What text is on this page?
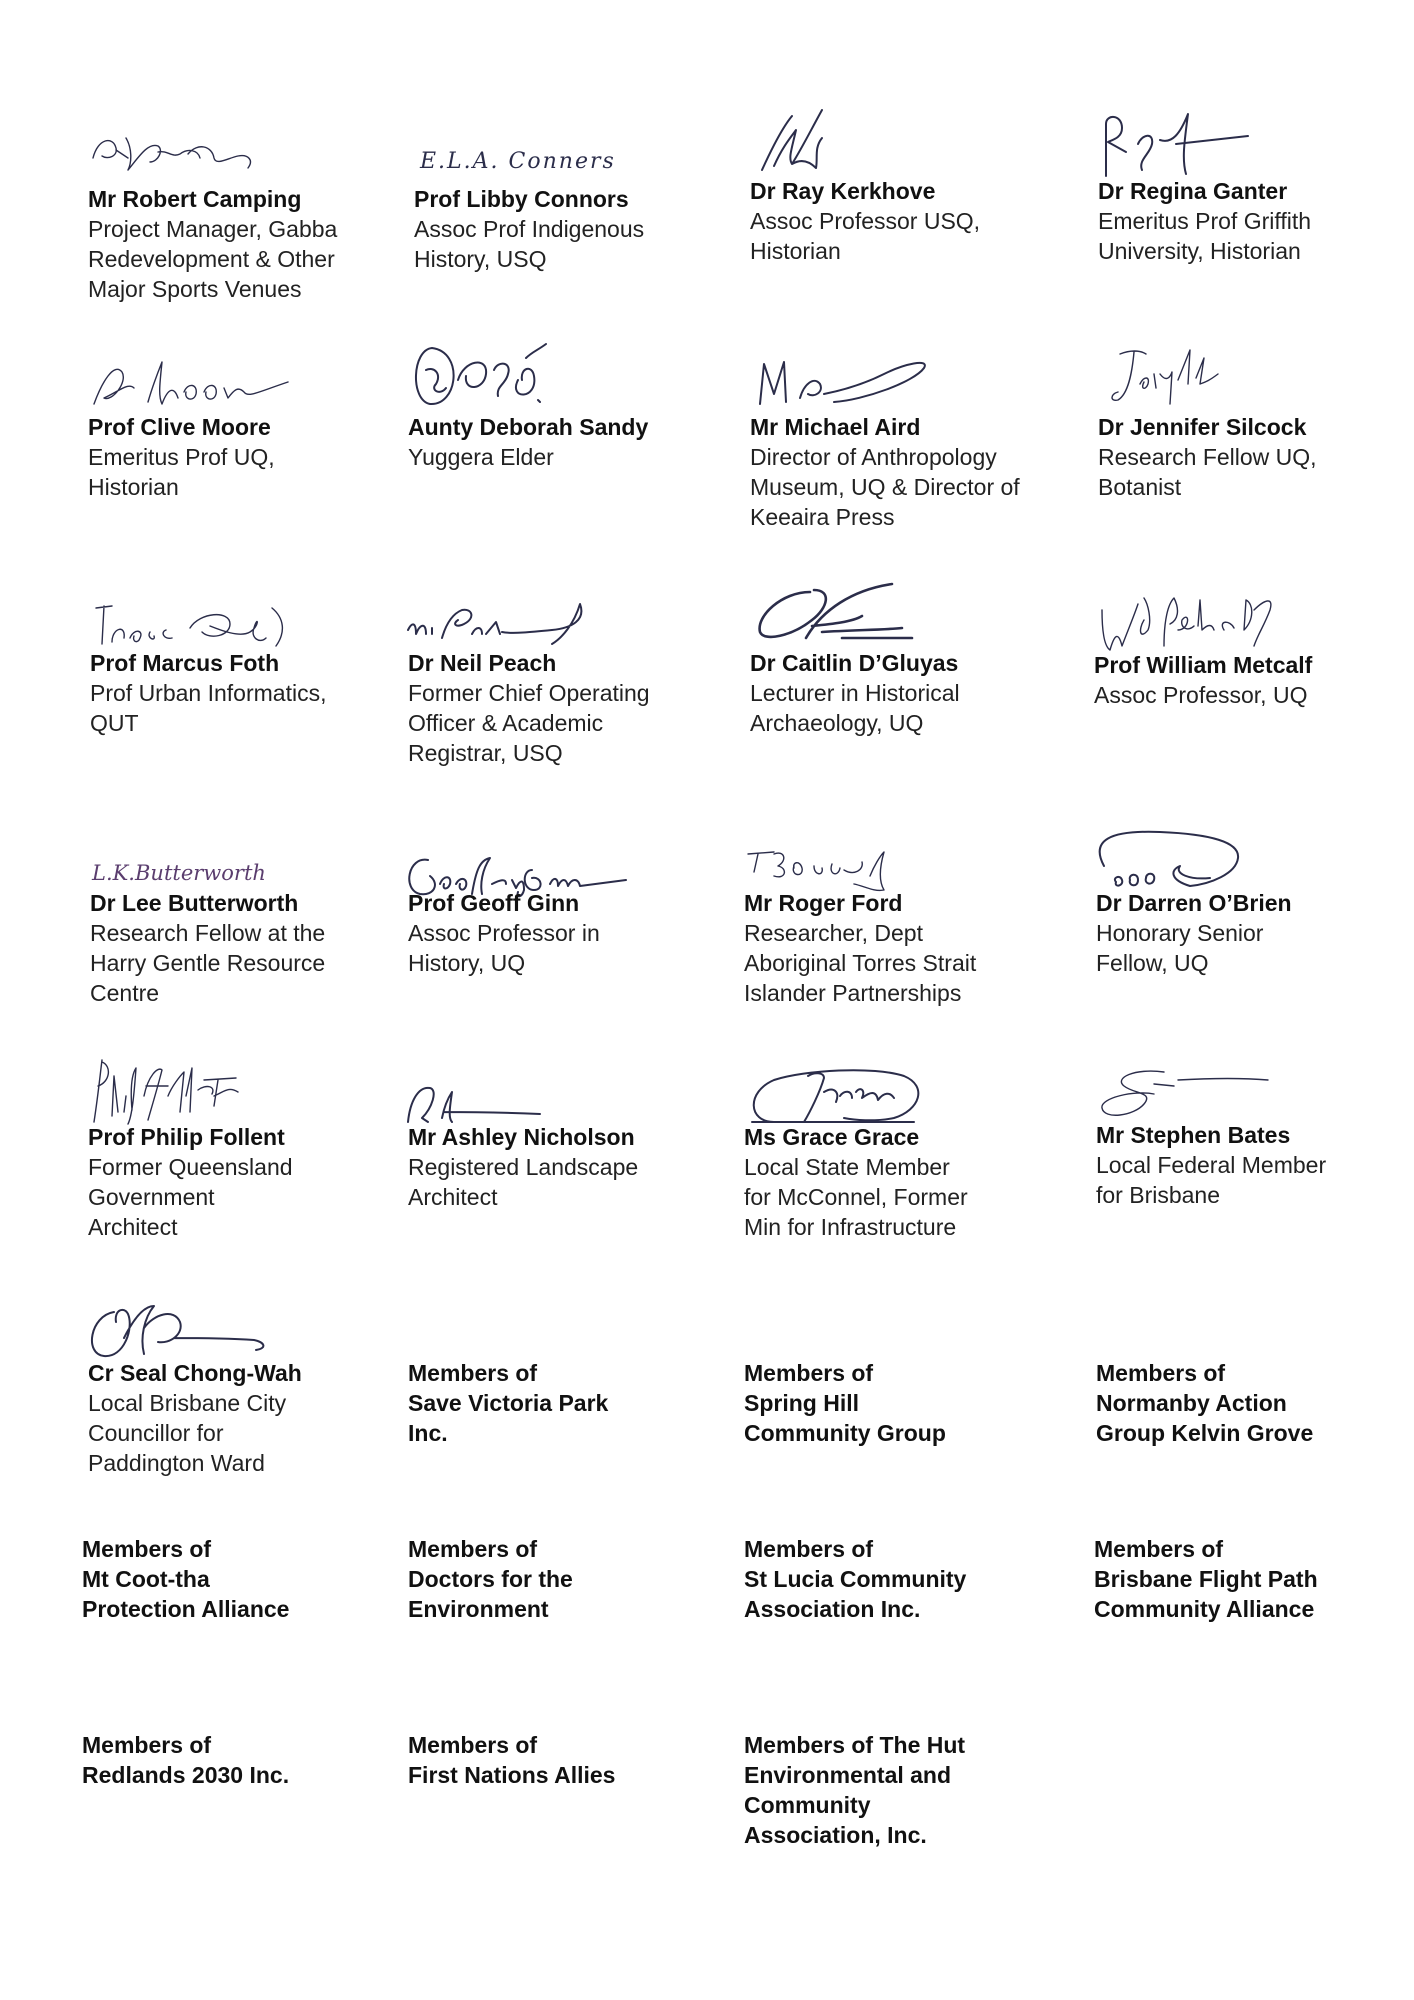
Mr Robert Camping
Project Manager, Gabba
Redevelopment & Other
Major Sports Venues
E.L.A. Conners
Prof Libby Connors
Assoc Prof Indigenous
History, USQ
Dr Ray Kerkhove
Assoc Professor USQ,
Historian
Dr Regina Ganter
Emeritus Prof Griffith
University, Historian
Prof Clive Moore
Emeritus Prof UQ,
Historian
Aunty Deborah Sandy
Yuggera Elder
Mr Michael Aird
Director of Anthropology
Museum, UQ & Director of
Keeaira Press
Dr Jennifer Silcock
Research Fellow UQ,
Botanist
Prof Marcus Foth
Prof Urban Informatics,
QUT
Dr Neil Peach
Former Chief Operating
Officer & Academic
Registrar, USQ
Dr Caitlin D’Gluyas
Lecturer in Historical
Archaeology, UQ
Prof William Metcalf
Assoc Professor, UQ
L.K.Butterworth
Dr Lee Butterworth
Research Fellow at the
Harry Gentle Resource
Centre
Prof Geoff Ginn
Assoc Professor in
History, UQ
Mr Roger Ford
Researcher, Dept
Aboriginal Torres Strait
Islander Partnerships
Dr Darren O’Brien
Honorary Senior
Fellow, UQ
Prof Philip Follent
Former Queensland
Government
Architect
Mr Ashley Nicholson
Registered Landscape
Architect
Ms Grace Grace
Local State Member
for McConnel, Former
Min for Infrastructure
Mr Stephen Bates
Local Federal Member
for Brisbane
Cr Seal Chong-Wah
Local Brisbane City
Councillor for
Paddington Ward
Members of
Save Victoria Park
Inc.
Members of
Spring Hill
Community Group
Members of
Normanby Action
Group Kelvin Grove
Members of
Mt Coot-tha
Protection Alliance
Members of
Doctors for the
Environment
Members of
St Lucia Community
Association Inc.
Members of
Brisbane Flight Path
Community Alliance
Members of
Redlands 2030 Inc.
Members of
First Nations Allies
Members of The Hut
Environmental and
Community
Association, Inc.
